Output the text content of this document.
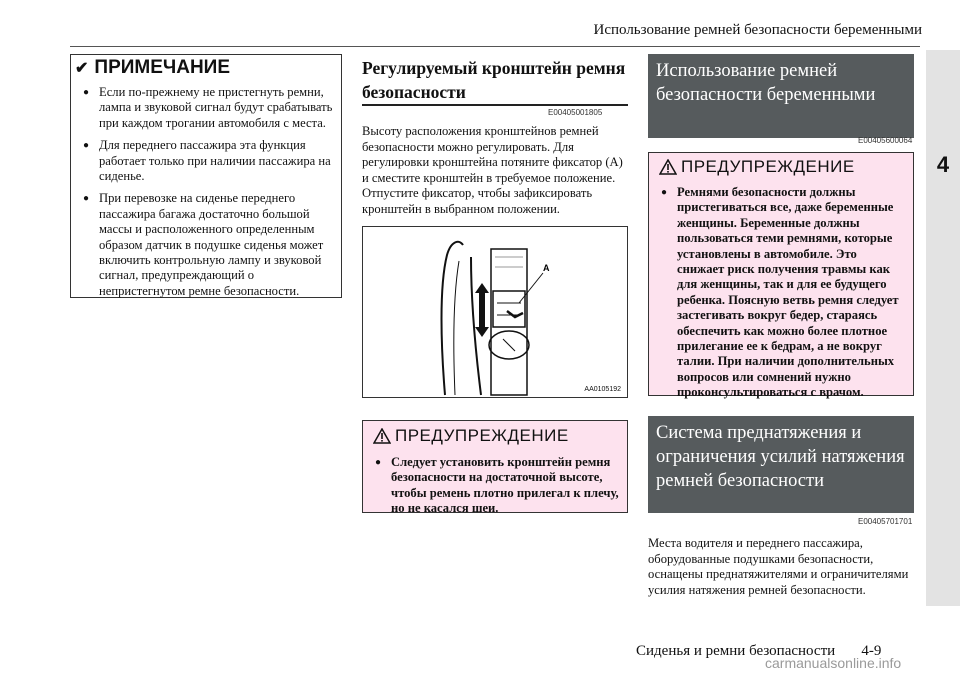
Использование ремней безопасности беременными
4
✔ ПРИМЕЧАНИЕ
● Если по-прежнему не пристегнуть ремни, лампа и звуковой сигнал будут срабатывать при каждом трогании автомобиля с места.
● Для переднего пассажира эта функция работает только при наличии пассажира на сиденье.
● При перевозке на сиденье переднего пассажира багажа достаточно большой массы и расположенного определенным образом датчик в подушке сиденья может включить контрольную лампу и звуковой сигнал, предупреждающий о непристегнутом ремне безопасности.
Регулируемый кронштейн ремня безопасности
E00405001805
Высоту расположения кронштейнов ремней безопасности можно регулировать. Для регулировки кронштейна потяните фиксатор (A) и сместите кронштейн в требуемое положение. Отпустите фиксатор, чтобы зафиксировать кронштейн в выбранном положении.
A
AA0105192
ПРЕДУПРЕЖДЕНИЕ
● Следует установить кронштейн ремня безопасности на достаточной высоте, чтобы ремень плотно прилегал к плечу, но не касался шеи.
Использование ремней безопасности беременными
E00405600064
ПРЕДУПРЕЖДЕНИЕ
● Ремнями безопасности должны пристегиваться все, даже беременные женщины. Беременные должны пользоваться теми ремнями, которые установлены в автомобиле. Это снижает риск получения травмы как для женщины, так и для ее будущего ребенка. Поясную ветвь ремня следует застегивать вокруг бедер, стараясь обеспечить как можно более плотное прилегание ее к бедрам, а не вокруг талии. При наличии дополнительных вопросов или сомнений нужно проконсультироваться с врачом.
Система преднатяжения и ограничения усилий натяжения ремней безопасности
E00405701701
Места водителя и переднего пассажира, оборудованные подушками безопасности, оснащены преднатяжителями и ограничителями усилия натяжения ремней безопасности.
Сиденья и ремни безопасности 4-9
carmanualsonline.info
